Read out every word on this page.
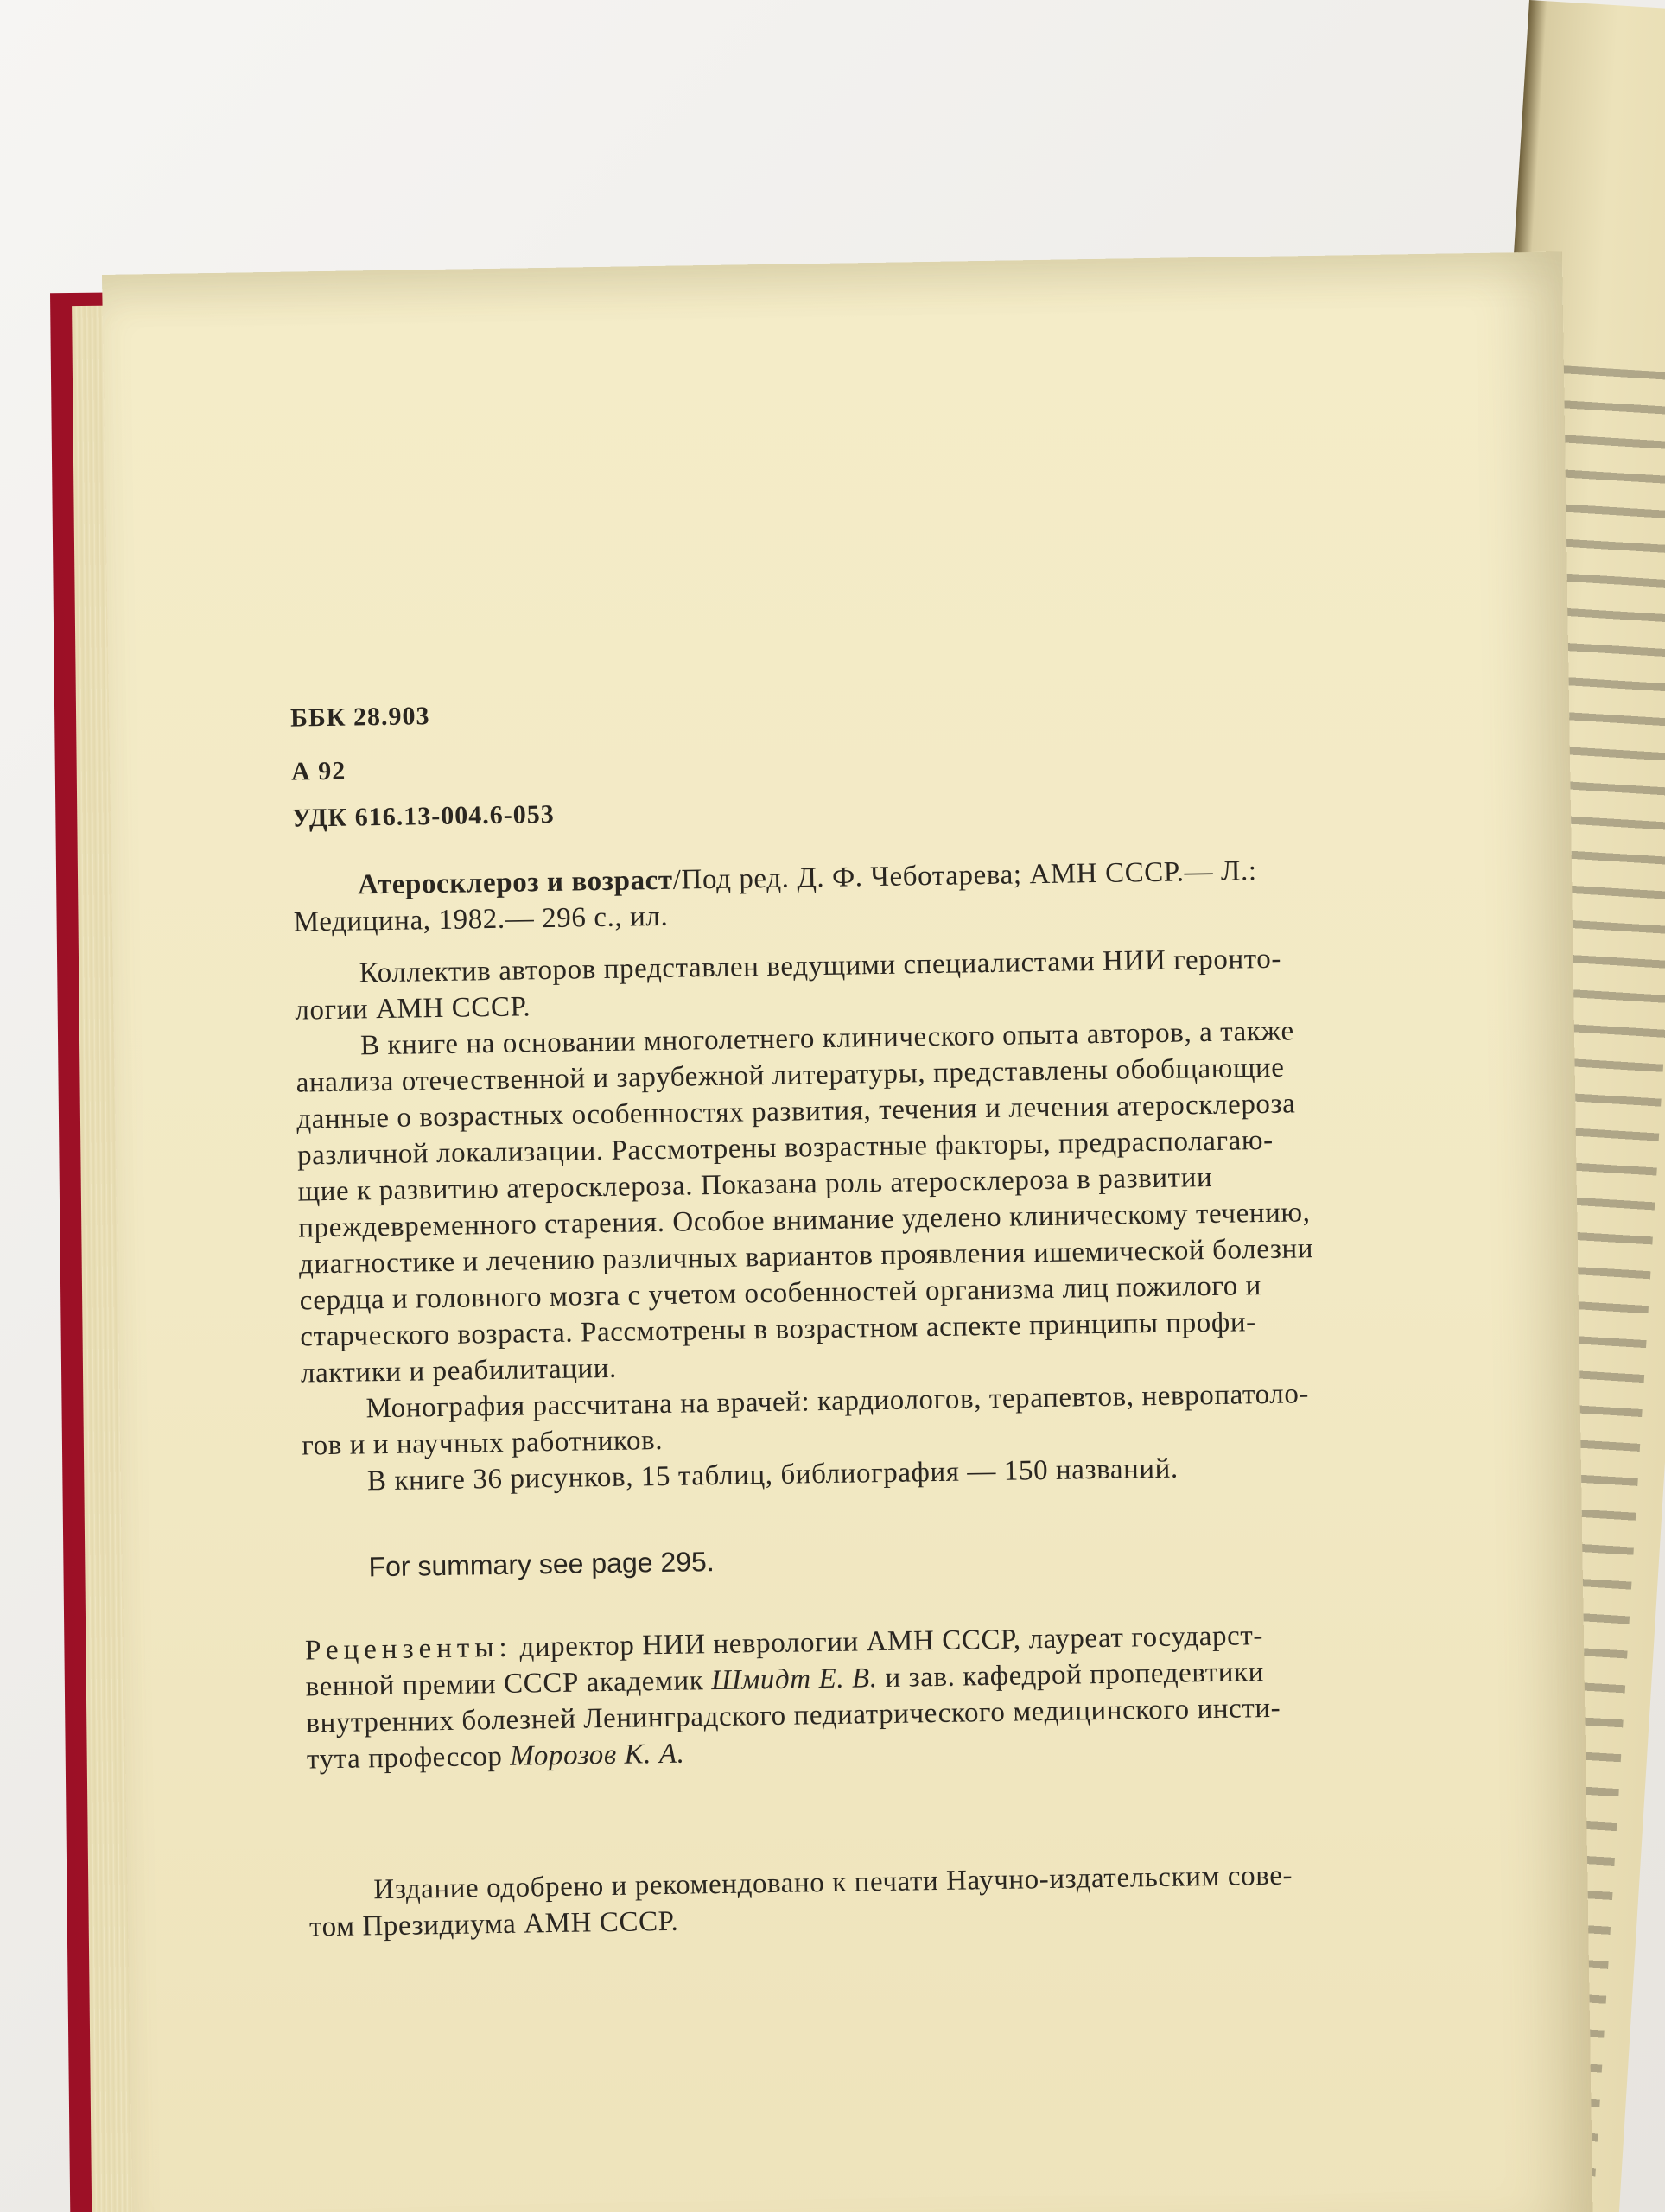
ББК 28.903
А 92
УДК 616.13-004.6-053
Атеросклероз и возраст/Под ред. Д. Ф. Чеботарева; АМН СССР.— Л.:
Медицина, 1982.— 296 с., ил.
Коллектив авторов представлен ведущими специалистами НИИ геронто-
логии АМН СССР.
В книге на основании многолетнего клинического опыта авторов, а также
анализа отечественной и зарубежной литературы, представлены обобщающие
данные о возрастных особенностях развития, течения и лечения атеросклероза
различной локализации. Рассмотрены возрастные факторы, предрасполагаю-
щие к развитию атеросклероза. Показана роль атеросклероза в развитии
преждевременного старения. Особое внимание уделено клиническому течению,
диагностике и лечению различных вариантов проявления ишемической болезни
сердца и головного мозга с учетом особенностей организма лиц пожилого и
старческого возраста. Рассмотрены в возрастном аспекте принципы профи-
лактики и реабилитации.
Монография рассчитана на врачей: кардиологов, терапевтов, невропатоло-
гов и и научных работников.
В книге 36 рисунков, 15 таблиц, библиография — 150 названий.
For summary see page 295.
Рецензенты: директор НИИ неврологии АМН СССР, лауреат государст-
венной премии СССР академик Шмидт Е. В. и зав. кафедрой пропедевтики
внутренних болезней Ленинградского педиатрического медицинского инсти-
тута профессор Морозов К. А.
Издание одобрено и рекомендовано к печати Научно-издательским сове-
том Президиума АМН СССР.
